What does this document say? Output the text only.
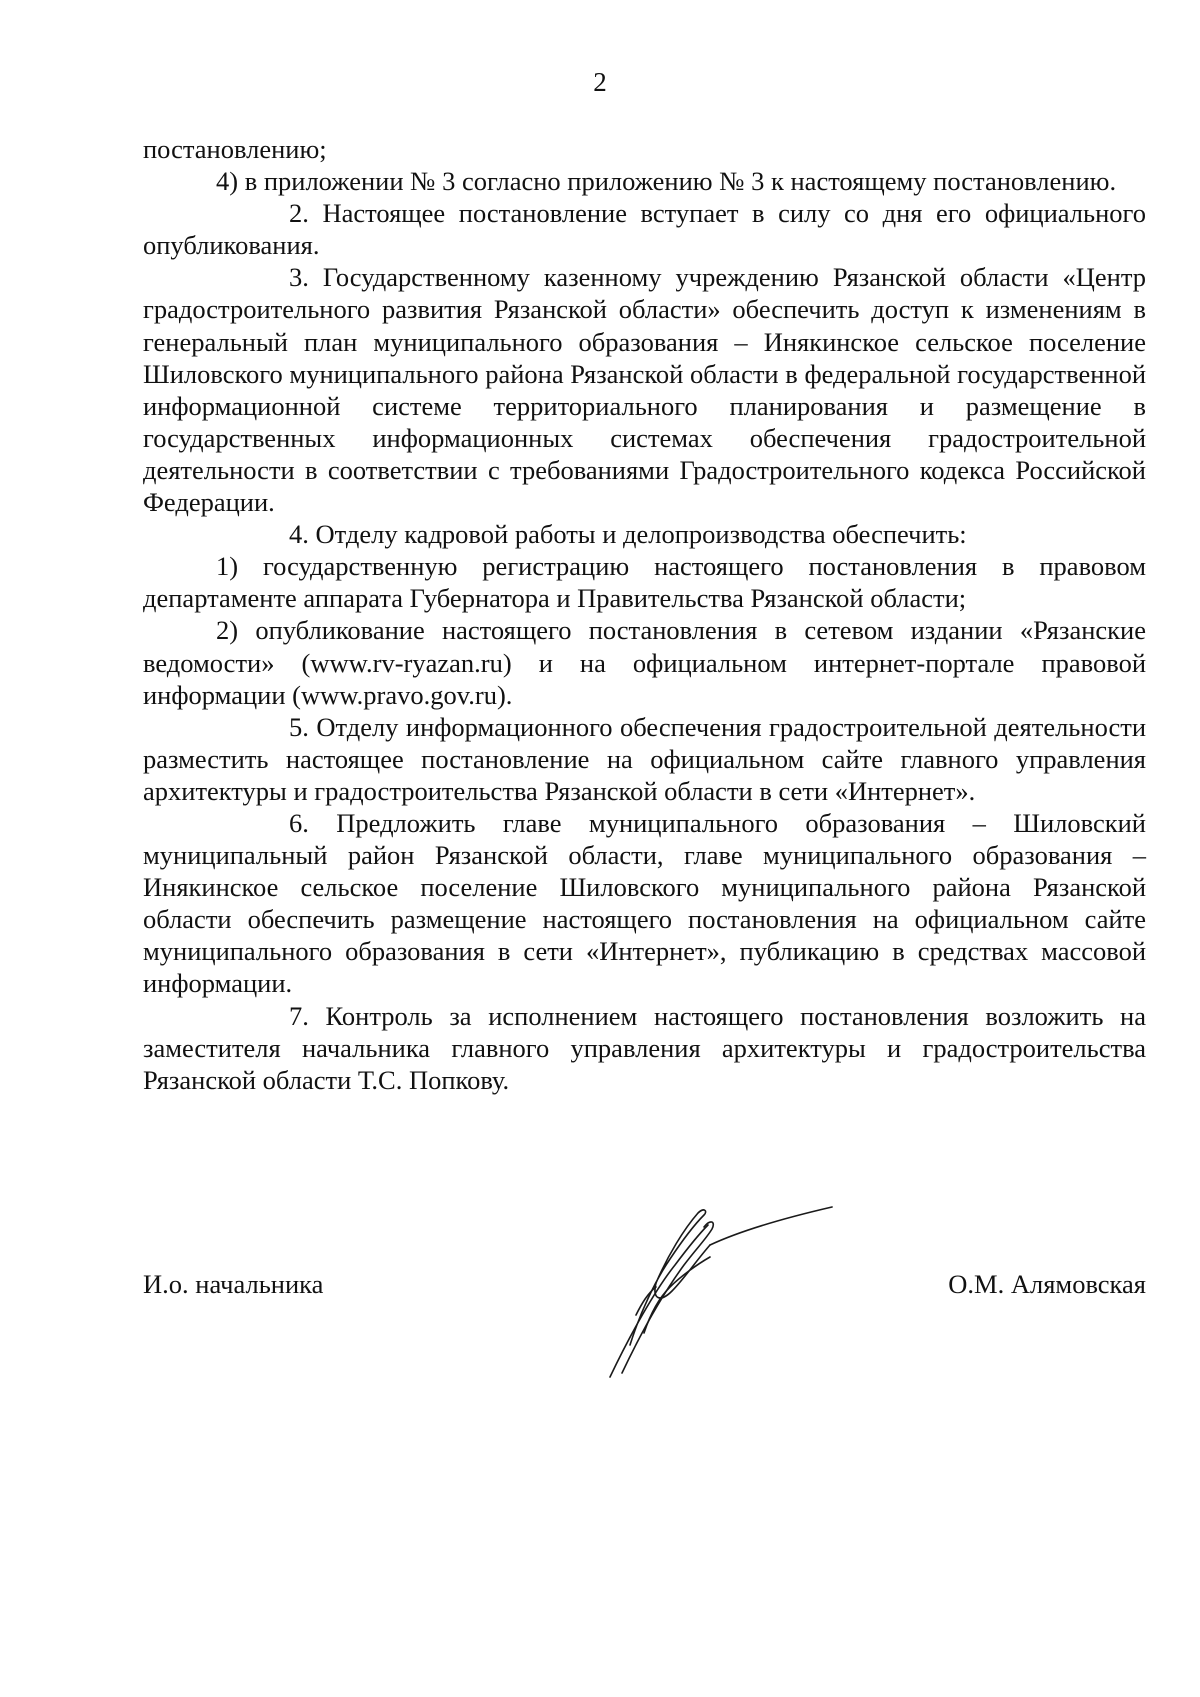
2

постановлению;

4) в приложении № 3 согласно приложению № 3 к настоящему постановлению.

2. Настоящее постановление вступает в силу со дня его официального опубликования.

3. Государственному казенному учреждению Рязанской области «Центр градостроительного развития Рязанской области» обеспечить доступ к изменениям в генеральный план муниципального образования – Инякинское сельское поселение Шиловского муниципального района Рязанской области в федеральной государственной информационной системе территориального планирования и размещение в государственных информационных системах обеспечения градостроительной деятельности в соответствии с требованиями Градостроительного кодекса Российской Федерации.

4. Отделу кадровой работы и делопроизводства обеспечить:

1) государственную регистрацию настоящего постановления в правовом департаменте аппарата Губернатора и Правительства Рязанской области;

2) опубликование настоящего постановления в сетевом издании «Рязанские ведомости» (www.rv-ryazan.ru) и на официальном интернет-портале правовой информации (www.pravo.gov.ru).

5. Отделу информационного обеспечения градостроительной деятельности разместить настоящее постановление на официальном сайте главного управления архитектуры и градостроительства Рязанской области в сети «Интернет».

6. Предложить главе муниципального образования – Шиловский муниципальный район Рязанской области, главе муниципального образования – Инякинское сельское поселение Шиловского муниципального района Рязанской области обеспечить размещение настоящего постановления на официальном сайте муниципального образования в сети «Интернет», публикацию в средствах массовой информации.

7. Контроль за исполнением настоящего постановления возложить на заместителя начальника главного управления архитектуры и градостроительства Рязанской области Т.С. Попкову.

И.о. начальника	О.М. Алямовская
